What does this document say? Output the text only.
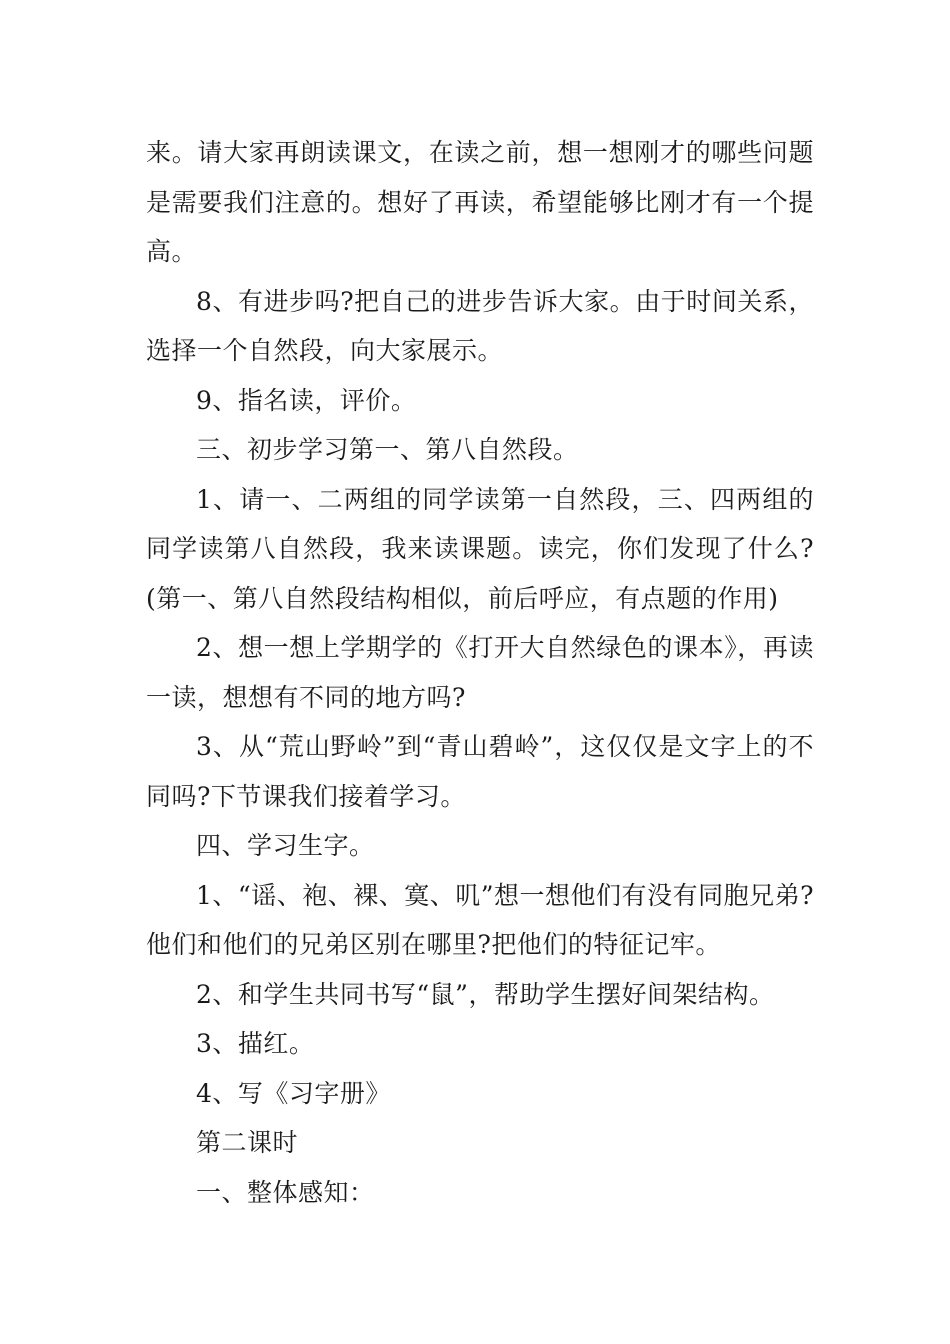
来。请大家再朗读课文，在读之前，想一想刚才的哪些问题是需要我们注意的。想好了再读，希望能够比刚才有一个提高。

8、有进步吗?把自己的进步告诉大家。由于时间关系，选择一个自然段，向大家展示。

9、指名读，评价。

三、初步学习第一、第八自然段。

1、请一、二两组的同学读第一自然段，三、四两组的同学读第八自然段，我来读课题。读完，你们发现了什么?(第一、第八自然段结构相似，前后呼应，有点题的作用)

2、想一想上学期学的《打开大自然绿色的课本》，再读一读，想想有不同的地方吗?

3、从“荒山野岭”到“青山碧岭”，这仅仅是文字上的不同吗?下节课我们接着学习。

四、学习生字。

1、“谣、袍、裸、寞、叽”想一想他们有没有同胞兄弟?他们和他们的兄弟区别在哪里?把他们的特征记牢。

2、和学生共同书写“鼠”，帮助学生摆好间架结构。

3、描红。

4、写《习字册》

第二课时

一、整体感知：
